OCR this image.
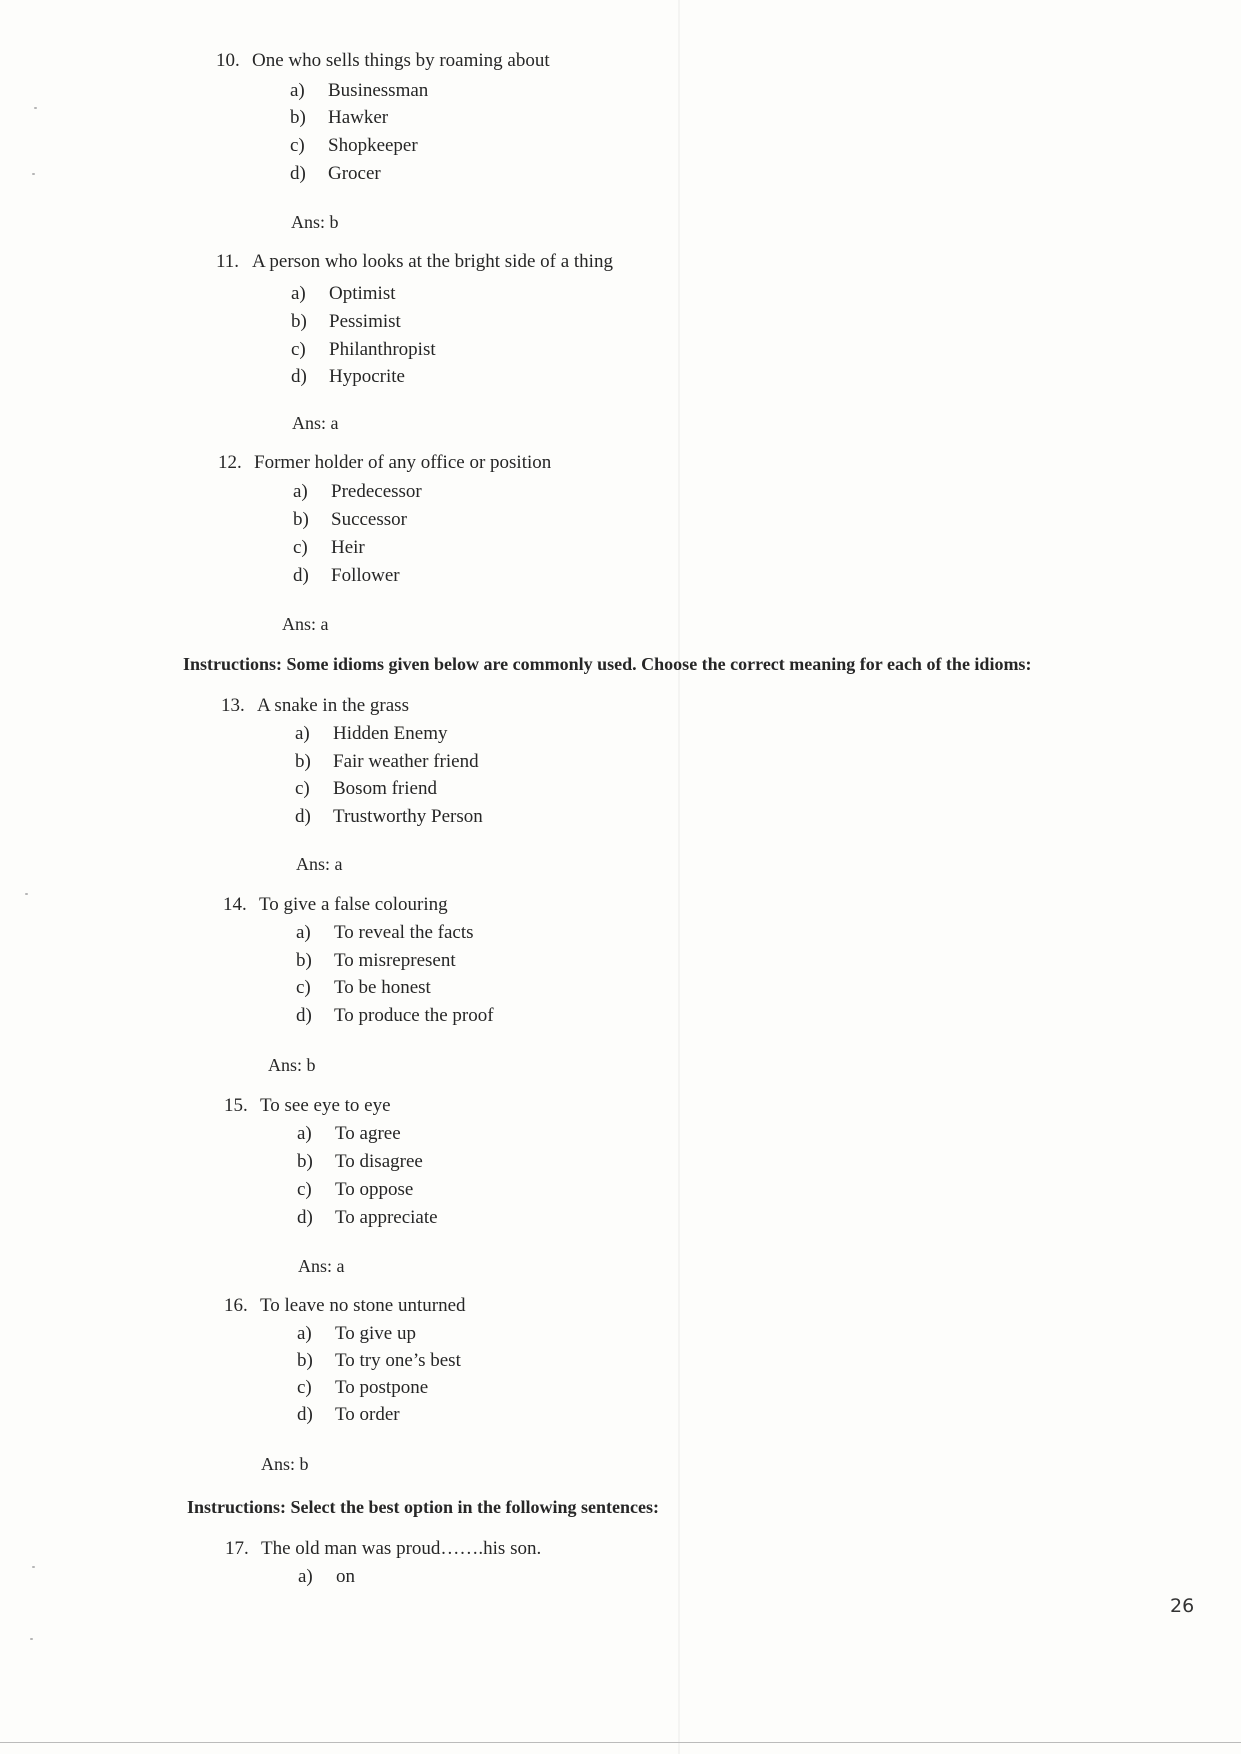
10. One who sells things by roaming about
a) Businessman
b) Hawker
c) Shopkeeper
d) Grocer
Ans: b
11. A person who looks at the bright side of a thing
a) Optimist
b) Pessimist
c) Philanthropist
d) Hypocrite
Ans: a
12. Former holder of any office or position
a) Predecessor
b) Successor
c) Heir
d) Follower
Ans: a
Instructions: Some idioms given below are commonly used. Choose the correct meaning for each of the idioms:
13. A snake in the grass
a) Hidden Enemy
b) Fair weather friend
c) Bosom friend
d) Trustworthy Person
Ans: a
14. To give a false colouring
a) To reveal the facts
b) To misrepresent
c) To be honest
d) To produce the proof
Ans: b
15. To see eye to eye
a) To agree
b) To disagree
c) To oppose
d) To appreciate
Ans: a
16. To leave no stone unturned
a) To give up
b) To try one’s best
c) To postpone
d) To order
Ans: b
Instructions: Select the best option in the following sentences:
17. The old man was proud…….his son.
a) on
26
